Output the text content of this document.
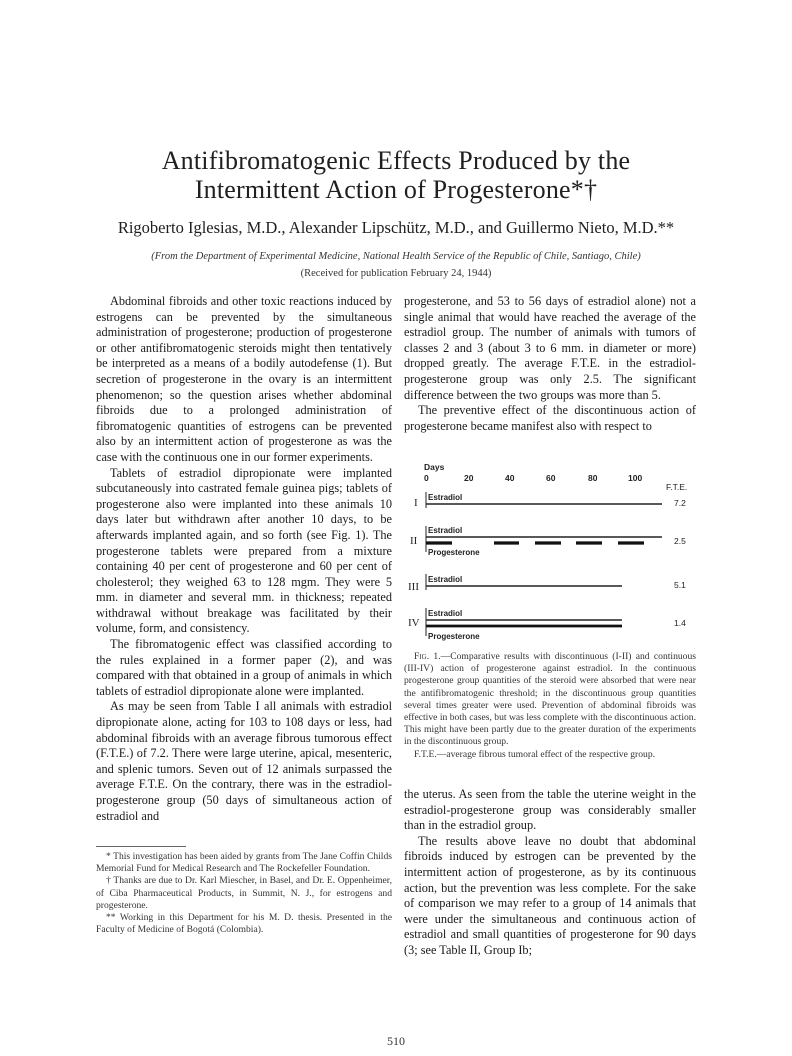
Antifibromatogenic Effects Produced by the
Intermittent Action of Progesterone*†
Rigoberto Iglesias, M.D., Alexander Lipschütz, M.D., and Guillermo Nieto, M.D.**
(From the Department of Experimental Medicine, National Health Service of the Republic of Chile, Santiago, Chile)
(Received for publication February 24, 1944)

Abdominal fibroids and other toxic reactions induced by estrogens can be prevented by the simultaneous administration of progesterone; production of progesterone or other antifibromatogenic steroids might then tentatively be interpreted as a means of a bodily autodefense (1). But secretion of progesterone in the ovary is an intermittent phenomenon; so the question arises whether abdominal fibroids due to a prolonged administration of fibromatogenic quantities of estrogens can be prevented also by an intermittent action of progesterone as was the case with the continuous one in our former experiments.

Tablets of estradiol dipropionate were implanted subcutaneously into castrated female guinea pigs; tablets of progesterone also were implanted into these animals 10 days later but withdrawn after another 10 days, to be afterwards implanted again, and so forth (see Fig. 1). The progesterone tablets were prepared from a mixture containing 40 per cent of progesterone and 60 per cent of cholesterol; they weighed 63 to 128 mgm. They were 5 mm. in diameter and several mm. in thickness; repeated withdrawal without breakage was facilitated by their volume, form, and consistency.

The fibromatogenic effect was classified according to the rules explained in a former paper (2), and was compared with that obtained in a group of animals in which tablets of estradiol dipropionate alone were implanted.

As may be seen from Table I all animals with estradiol dipropionate alone, acting for 103 to 108 days or less, had abdominal fibroids with an average fibrous tumorous effect (F.T.E.) of 7.2. There were large uterine, apical, mesenteric, and splenic tumors. Seven out of 12 animals surpassed the average F.T.E. On the contrary, there was in the estradiol-progesterone group (50 days of simultaneous action of estradiol and

* This investigation has been aided by grants from The Jane Coffin Childs Memorial Fund for Medical Research and The Rockefeller Foundation.

† Thanks are due to Dr. Karl Miescher, in Basel, and Dr. E. Oppenheimer, of Ciba Pharmaceutical Products, in Summit, N. J., for estrogens and progesterone.

** Working in this Department for his M. D. thesis. Presented in the Faculty of Medicine of Bogotá (Colombia).

progesterone, and 53 to 56 days of estradiol alone) not a single animal that would have reached the average of the estradiol group. The number of animals with tumors of classes 2 and 3 (about 3 to 6 mm. in diameter or more) dropped greatly. The average F.T.E. in the estradiol-progesterone group was only 2.5. The significant difference between the two groups was more than 5.

The preventive effect of the discontinuous action of progesterone became manifest also with respect to

Days
0	20	40	60	80	100
F.T.E.
I Estradiol
7.2
II
Estradiol
Progesterone
2.5
III
Estradiol
5.1
IV
Estradiol
Progesterone
1.4

Fig. 1.—Comparative results with discontinuous (I-II) and continuous (III-IV) action of progesterone against estradiol. In the continuous progesterone group quantities of the steroid were absorbed that were near the antifibromatogenic threshold; in the discontinuous group quantities several times greater were used. Prevention of abdominal fibroids was effective in both cases, but was less complete with the discontinuous action. This might have been partly due to the greater duration of the experiments in the discontinuous group.

F.T.E.—average fibrous tumoral effect of the respective group.

the uterus. As seen from the table the uterine weight in the estradiol-progesterone group was considerably smaller than in the estradiol group.

The results above leave no doubt that abdominal fibroids induced by estrogen can be prevented by the intermittent action of progesterone, as by its continuous action, but the prevention was less complete. For the sake of comparison we may refer to a group of 14 animals that were under the simultaneous and continuous action of estradiol and small quantities of progesterone for 90 days (3; see Table II, Group Ib;

510
